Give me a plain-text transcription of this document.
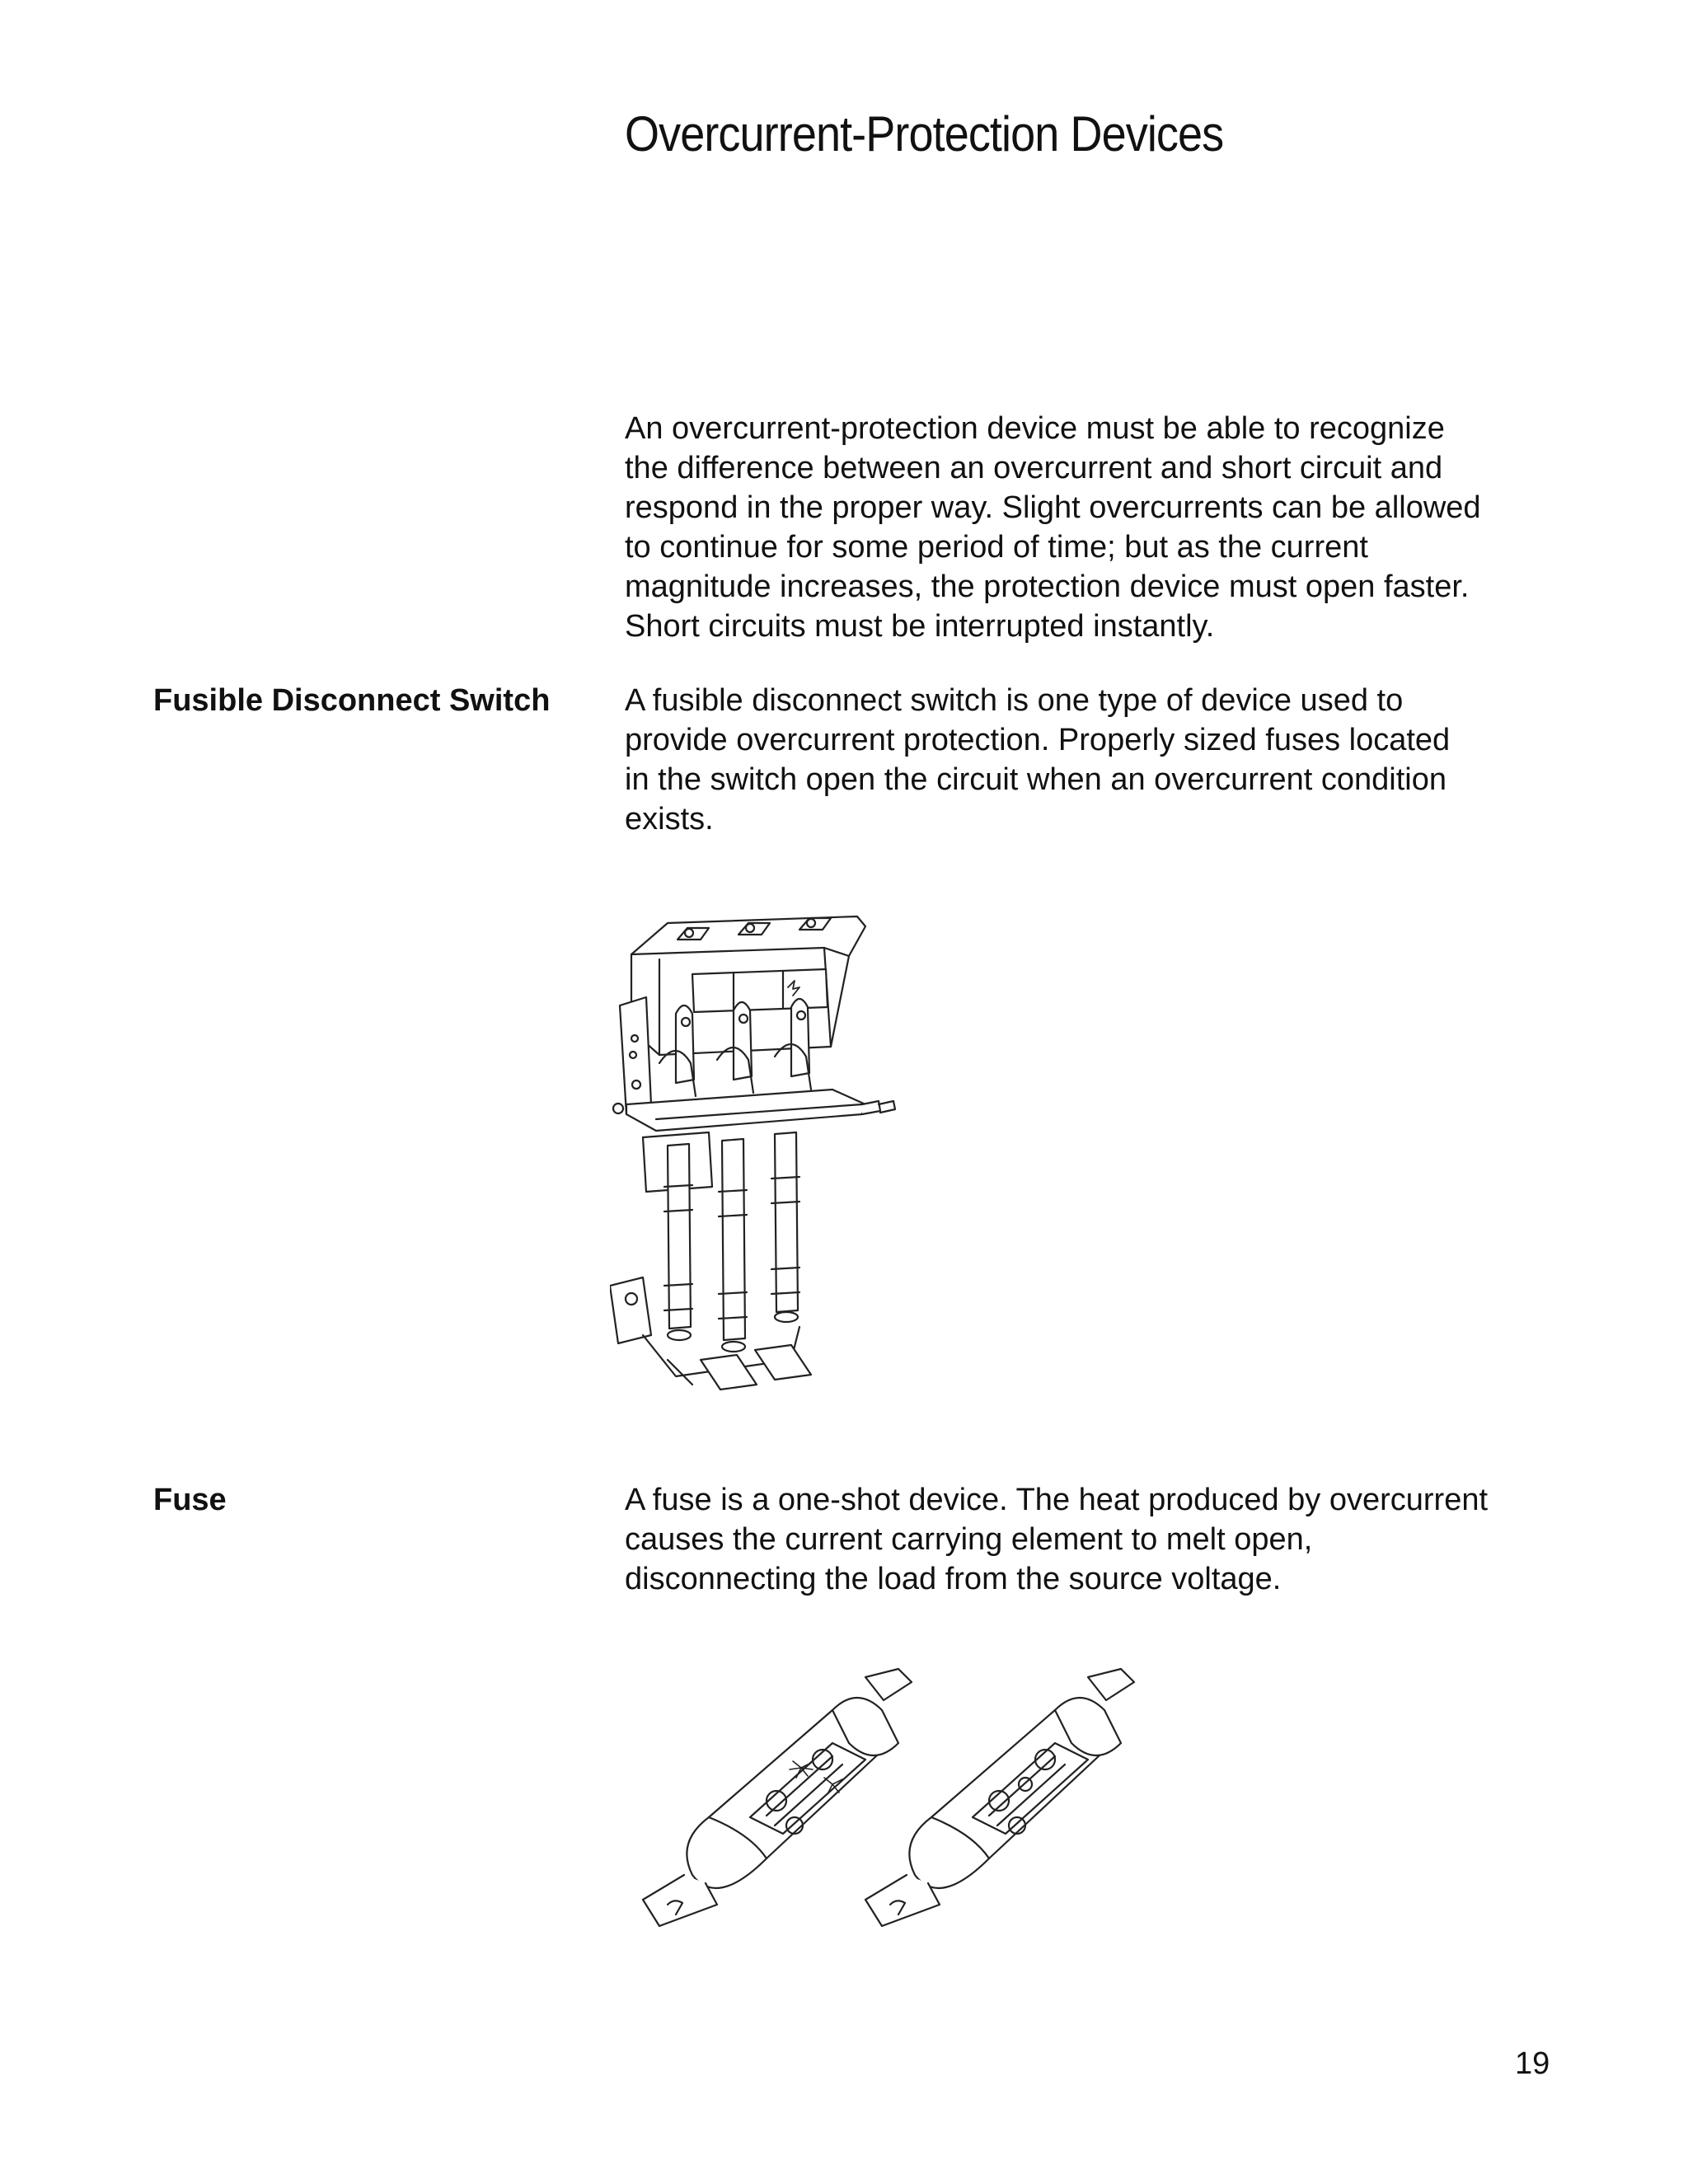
Overcurrent-Protection Devices
An overcurrent-protection device must be able to recognize
the difference between an overcurrent and short circuit and
respond in the proper way. Slight overcurrents can be allowed
to continue for some period of time; but as the current
magnitude increases, the protection device must open faster.
Short circuits must be interrupted instantly.
Fusible Disconnect Switch A fusible disconnect switch is one type of device used to
provide overcurrent protection. Properly sized fuses located
in the switch open the circuit when an overcurrent condition
exists.
Fuse	A fuse is a one-shot device. The heat produced by overcurrent
causes the current carrying element to melt open,
disconnecting the load from the source voltage.
19
